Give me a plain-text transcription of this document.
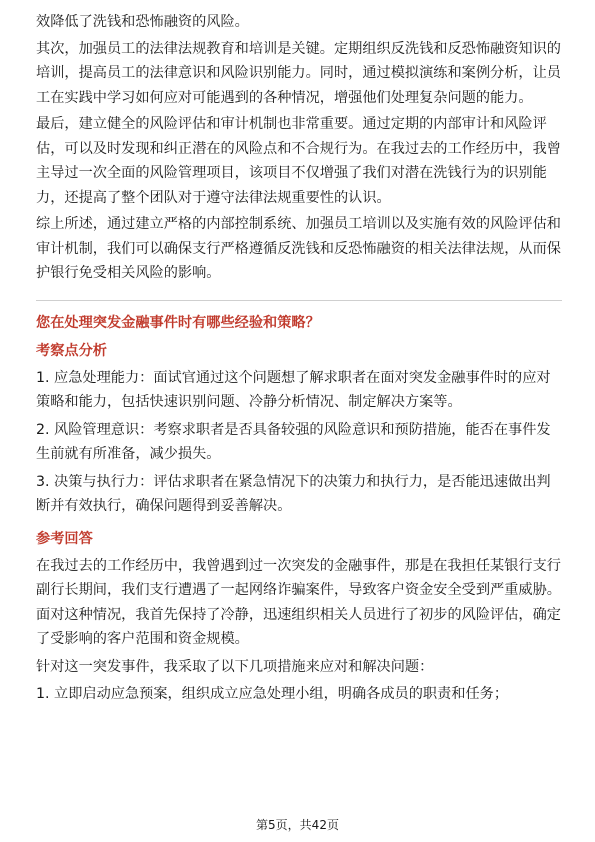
效降低了洗钱和恐怖融资的风险。

其次，加强员工的法律法规教育和培训是关键。定期组织反洗钱和反恐怖融资知识的培训，提高员工的法律意识和风险识别能力。同时，通过模拟演练和案例分析，让员工在实践中学习如何应对可能遇到的各种情况，增强他们处理复杂问题的能力。

最后，建立健全的风险评估和审计机制也非常重要。通过定期的内部审计和风险评估，可以及时发现和纠正潜在的风险点和不合规行为。在我过去的工作经历中，我曾主导过一次全面的风险管理项目，该项目不仅增强了我们对潜在洗钱行为的识别能力，还提高了整个团队对于遵守法律法规重要性的认识。

综上所述，通过建立严格的内部控制系统、加强员工培训以及实施有效的风险评估和审计机制，我们可以确保支行严格遵循反洗钱和反恐怖融资的相关法律法规，从而保护银行免受相关风险的影响。

您在处理突发金融事件时有哪些经验和策略？

考察点分析

1. 应急处理能力：面试官通过这个问题想了解求职者在面对突发金融事件时的应对策略和能力，包括快速识别问题、冷静分析情况、制定解决方案等。

2. 风险管理意识：考察求职者是否具备较强的风险意识和预防措施，能否在事件发生前就有所准备，减少损失。

3. 决策与执行力：评估求职者在紧急情况下的决策力和执行力，是否能迅速做出判断并有效执行，确保问题得到妥善解决。

参考回答

在我过去的工作经历中，我曾遇到过一次突发的金融事件，那是在我担任某银行支行副行长期间，我们支行遭遇了一起网络诈骗案件，导致客户资金安全受到严重威胁。面对这种情况，我首先保持了冷静，迅速组织相关人员进行了初步的风险评估，确定了受影响的客户范围和资金规模。

针对这一突发事件，我采取了以下几项措施来应对和解决问题：

1. 立即启动应急预案，组织成立应急处理小组，明确各成员的职责和任务；

第5页，共42页
